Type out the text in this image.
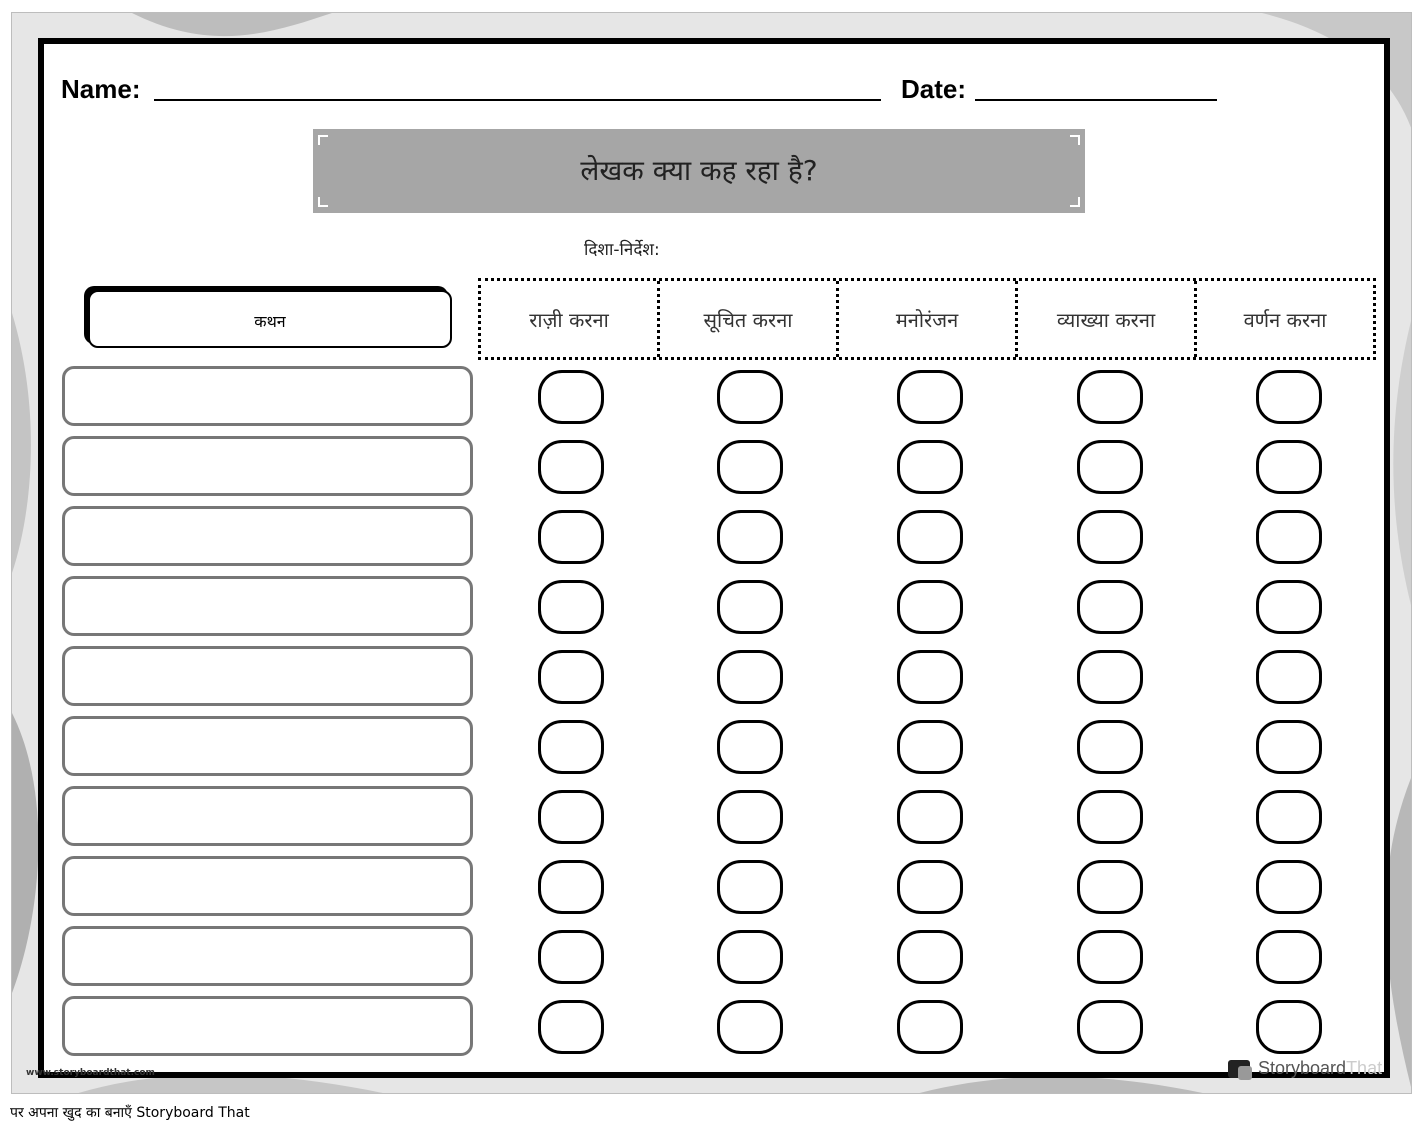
Name:	Date:
लेखक क्या कह रहा है?
दिशा-निर्देश:
कथन	राज़ी करना	सूचित करना	मनोरंजन	व्याख्या करना	वर्णन करना
www.storyboardthat.com	Storyboard That
पर अपना खुद का बनाएँ Storyboard That
